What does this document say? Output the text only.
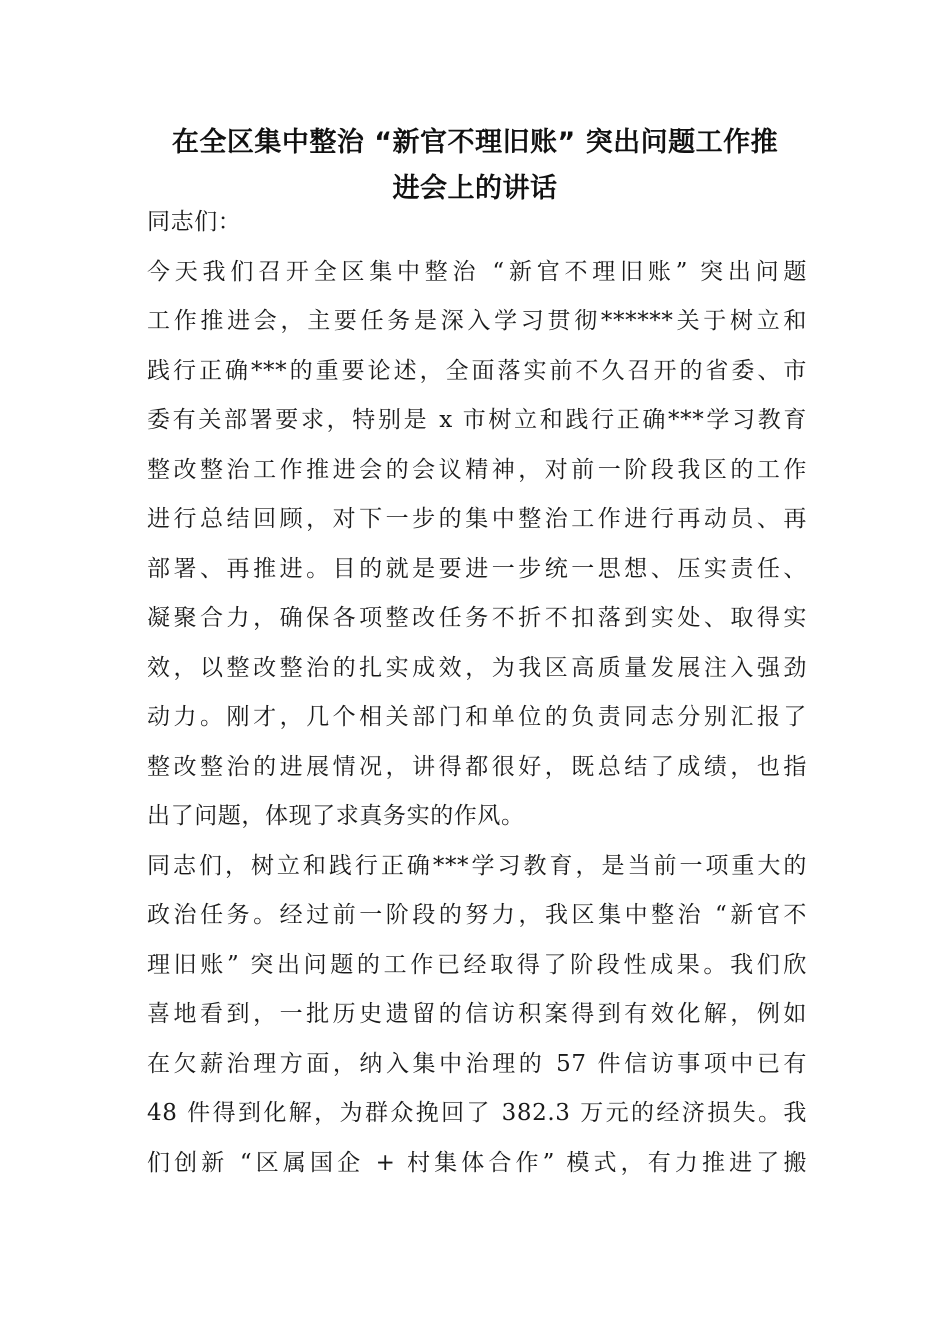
在全区集中整治 “新官不理旧账” 突出问题工作推
进会上的讲话
同志们：
今天我们召开全区集中整治 “新官不理旧账” 突出问题
工作推进会，主要任务是深入学习贯彻******关于树立和
践行正确***的重要论述，全面落实前不久召开的省委、市
委有关部署要求，特别是 x 市树立和践行正确***学习教育
整改整治工作推进会的会议精神，对前一阶段我区的工作
进行总结回顾，对下一步的集中整治工作进行再动员、再
部署、再推进。目的就是要进一步统一思想、压实责任、
凝聚合力，确保各项整改任务不折不扣落到实处、取得实
效，以整改整治的扎实成效，为我区高质量发展注入强劲
动力。刚才，几个相关部门和单位的负责同志分别汇报了
整改整治的进展情况，讲得都很好，既总结了成绩，也指
出了问题，体现了求真务实的作风。
同志们，树立和践行正确***学习教育，是当前一项重大的
政治任务。经过前一阶段的努力，我区集中整治 “新官不
理旧账” 突出问题的工作已经取得了阶段性成果。我们欣
喜地看到，一批历史遗留的信访积案得到有效化解，例如
在欠薪治理方面，纳入集中治理的 57 件信访事项中已有
48 件得到化解，为群众挽回了 382.3 万元的经济损失。我
们创新 “区属国企 + 村集体合作” 模式，有力推进了搬
